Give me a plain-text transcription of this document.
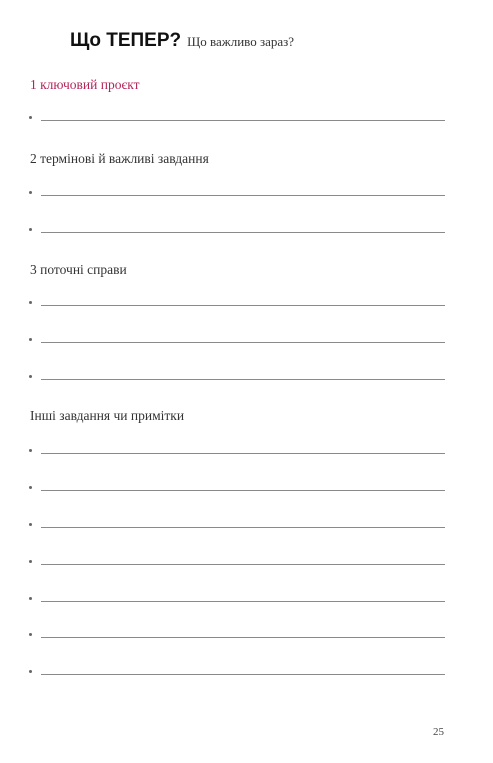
Що ТЕПЕР? Що важливо зараз?
1 ключовий проєкт
2 термінові й важливі завдання
3 поточні справи
Інші завдання чи примітки
25
